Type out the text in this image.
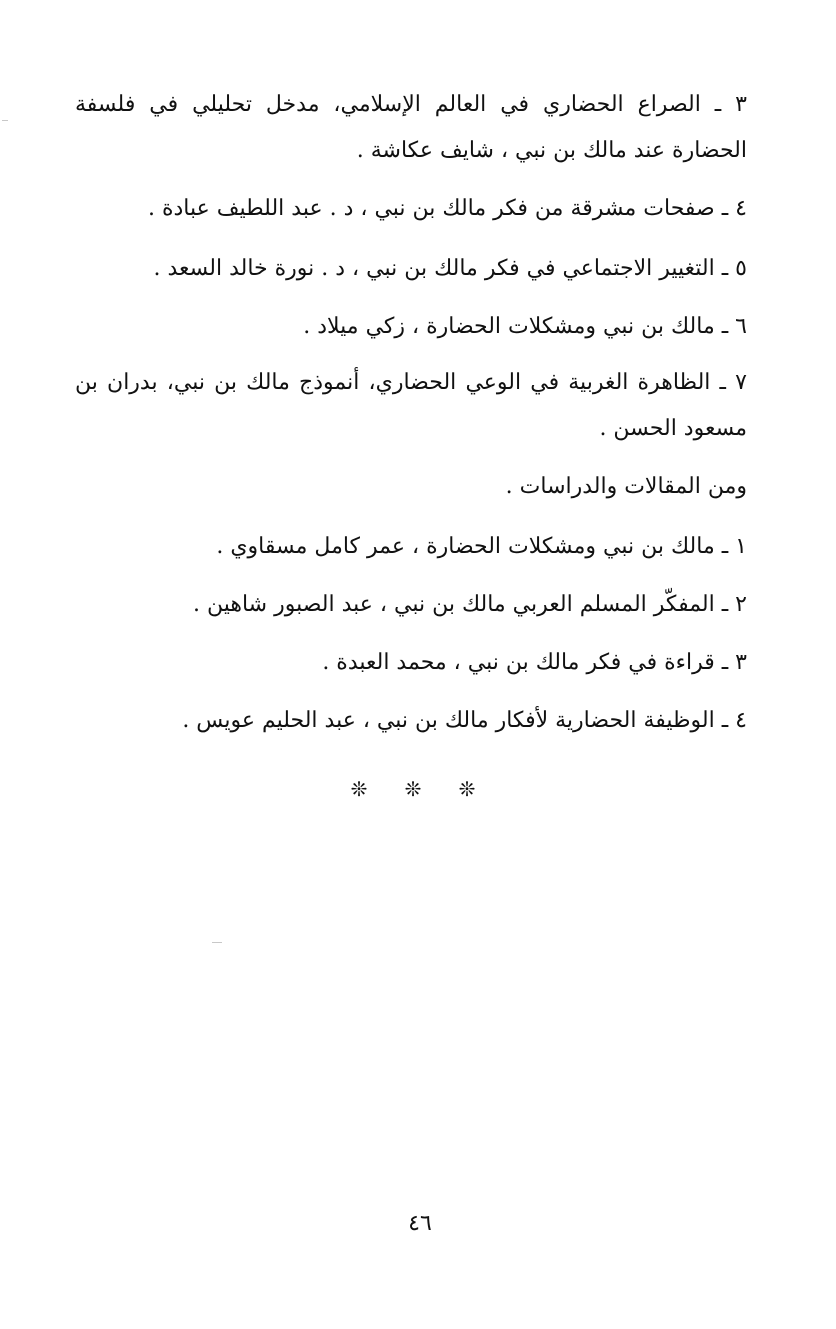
٣ ـ الصراع الحضاري في العالم الإسلامي، مدخل تحليلي في فلسفة الحضارة عند مالك بن نبي ، شايف عكاشة .
٤ ـ صفحات مشرقة من فكر مالك بن نبي ، د . عبد اللطيف عبادة .
٥ ـ التغيير الاجتماعي في فكر مالك بن نبي ، د . نورة خالد السعد .
٦ ـ مالك بن نبي ومشكلات الحضارة ، زكي ميلاد .
٧ ـ الظاهرة الغربية في الوعي الحضاري، أنموذج مالك بن نبي، بدران بن مسعود الحسن .
ومن المقالات والدراسات .
١ ـ مالك بن نبي ومشكلات الحضارة ، عمر كامل مسقاوي .
٢ ـ المفكّر المسلم العربي مالك بن نبي ، عبد الصبور شاهين .
٣ ـ قراءة في فكر مالك بن نبي ، محمد العبدة .
٤ ـ الوظيفة الحضارية لأفكار مالك بن نبي ، عبد الحليم عويس .
❊
❊
❊
٤٦
